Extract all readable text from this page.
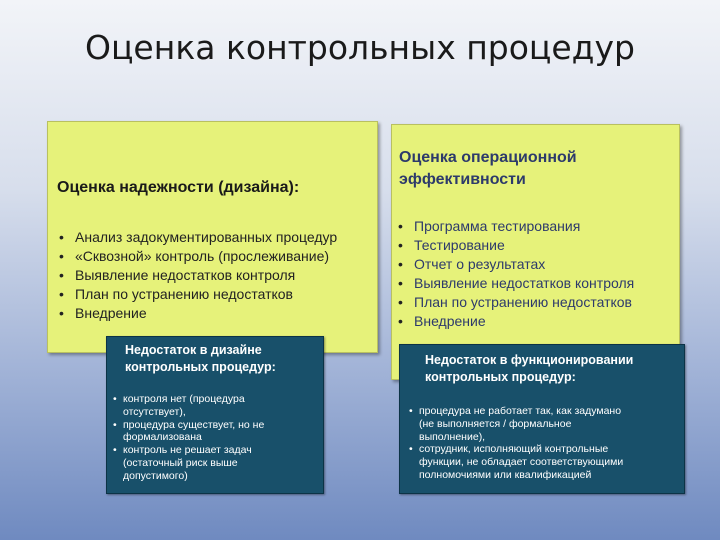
Оценка контрольных процедур
Оценка надежности (дизайна):
• Анализ задокументированных процедур
• «Сквозной» контроль (прослеживание)
• Выявление недостатков контроля
• План по устранению недостатков
• Внедрение
Оценка операционной
эффективности
• Программа тестирования
• Тестирование
• Отчет о результатах
• Выявление недостатков контроля
• План по устранению недостатков
• Внедрение
Недостаток в дизайне
контрольных процедур:
• контроля нет (процедура
отсутствует),
• процедура существует, но не
формализована
• контроль не решает задач
(остаточный риск выше
допустимого)
Недостаток в функционировании
контрольных процедур:
• процедура не работает так, как задумано
(не выполняется / формальное
выполнение),
• сотрудник, исполняющий контрольные
функции, не обладает соответствующими
полномочиями или квалификацией
